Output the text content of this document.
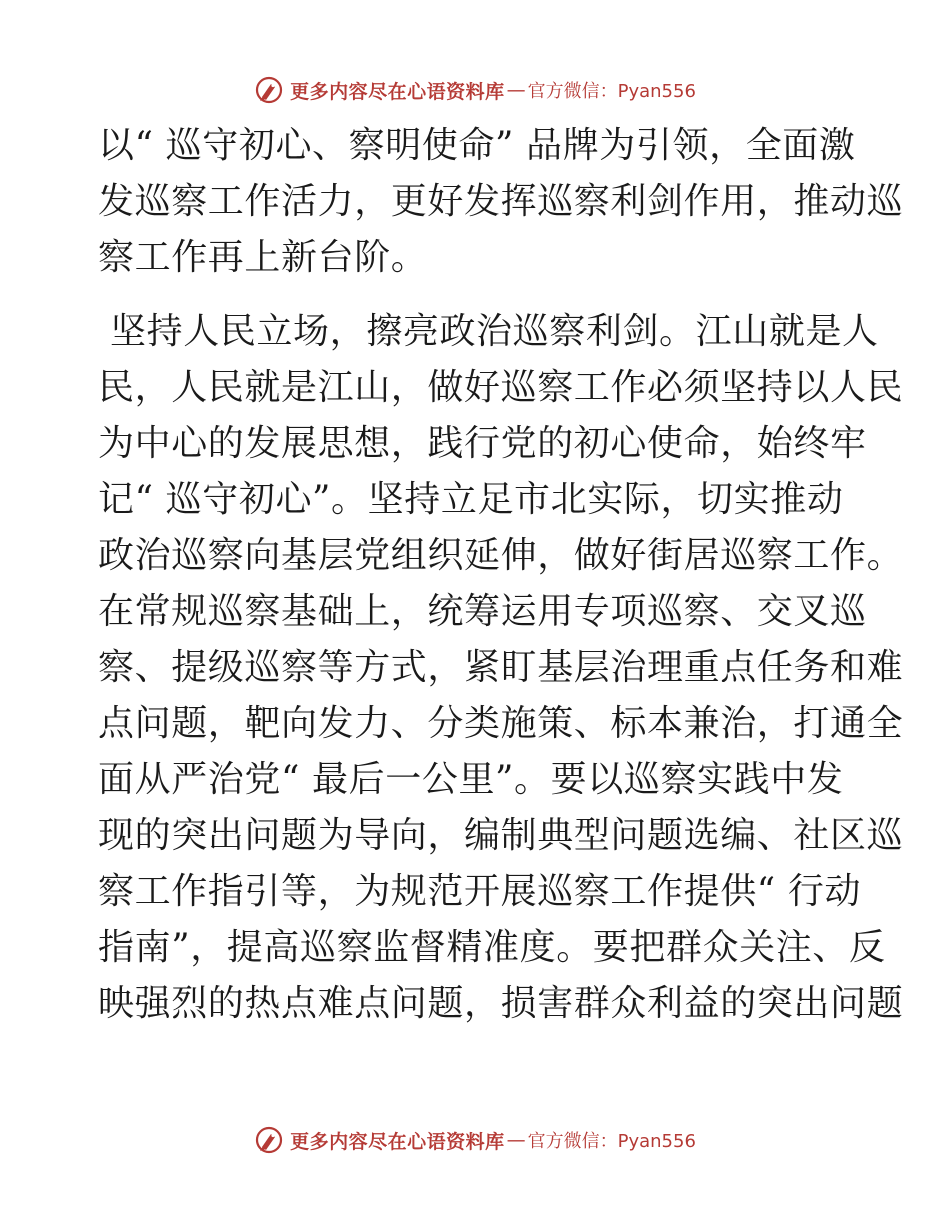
更多内容尽在心语资料库 — 官方微信：Pyan556

以“ 巡守初心、察明使命” 品牌为引领，全面激
发巡察工作活力，更好发挥巡察利剑作用，推动巡
察工作再上新台阶。

坚持人民立场，擦亮政治巡察利剑。江山就是人
民，人民就是江山，做好巡察工作必须坚持以人民
为中心的发展思想，践行党的初心使命，始终牢
记“ 巡守初心”。坚持立足市北实际，切实推动
政治巡察向基层党组织延伸，做好街居巡察工作。
在常规巡察基础上，统筹运用专项巡察、交叉巡
察、提级巡察等方式，紧盯基层治理重点任务和难
点问题，靶向发力、分类施策、标本兼治，打通全
面从严治党“ 最后一公里”。要以巡察实践中发
现的突出问题为导向，编制典型问题选编、社区巡
察工作指引等，为规范开展巡察工作提供“ 行动
指南”，提高巡察监督精准度。要把群众关注、反
映强烈的热点难点问题，损害群众利益的突出问题

更多内容尽在心语资料库 — 官方微信：Pyan556
